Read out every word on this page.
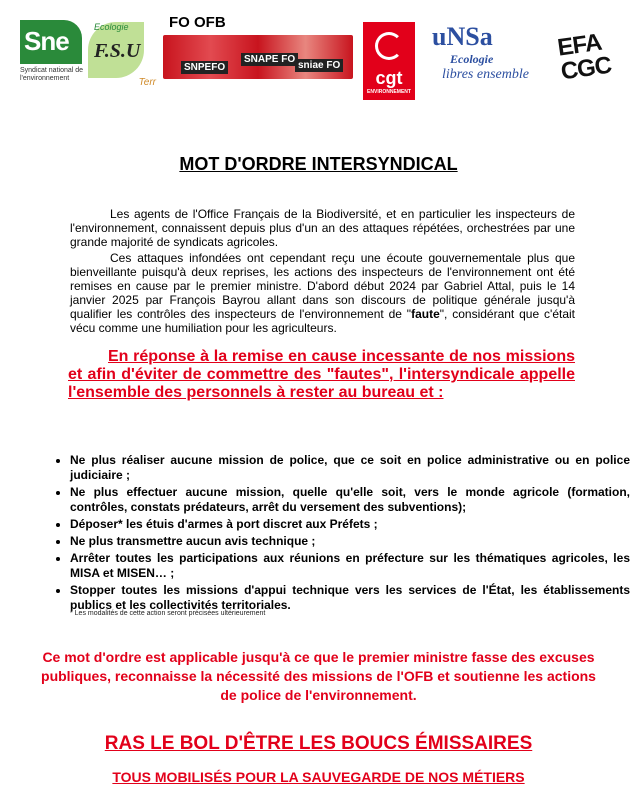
Sne
Syndicat national de l'environnement
Ecologie
F.S.U
Terr
FO OFB
SNPEFO
SNAPE FO
sniae FO
cgt
ENVIRONNEMENT
uNSa
Ecologie
libres ensemble
EFA
CGC
MOT D'ORDRE INTERSYNDICAL

Les agents de l'Office Français de la Biodiversité, et en particulier les inspecteurs de l'environnement, connaissent depuis plus d'un an des attaques répétées, orchestrées par une grande majorité de syndicats agricoles.

Ces attaques infondées ont cependant reçu une écoute gouvernementale plus que bienveillante puisqu'à deux reprises, les actions des inspecteurs de l'environnement ont été remises en cause par le premier ministre. D'abord début 2024 par Gabriel Attal, puis le 14 janvier 2025 par François Bayrou allant dans son discours de politique générale jusqu'à qualifier les contrôles des inspecteurs de l'environnement de "faute", considérant que c'était vécu comme une humiliation pour les agriculteurs.

En réponse à la remise en cause incessante de nos missions et afin d'éviter de commettre des "fautes", l'intersyndicale appelle l'ensemble des personnels à rester au bureau et :

• Ne plus réaliser aucune mission de police, que ce soit en police administrative ou en police judiciaire ;
• Ne plus effectuer aucune mission, quelle qu'elle soit, vers le monde agricole (formation, contrôles, constats prédateurs, arrêt du versement des subventions);
• Déposer* les étuis d'armes à port discret aux Préfets ;
• Ne plus transmettre aucun avis technique ;
• Arrêter toutes les participations aux réunions en préfecture sur les thématiques agricoles, les MISA et MISEN… ;
• Stopper toutes les missions d'appui technique vers les services de l'État, les établissements publics et les collectivités territoriales.

* Les modalités de cette action seront précisées ultérieurement

Ce mot d'ordre est applicable jusqu'à ce que le premier ministre fasse des excuses publiques, reconnaisse la nécessité des missions de l'OFB et soutienne les actions de police de l'environnement.

RAS LE BOL D'ÊTRE LES BOUCS ÉMISSAIRES

TOUS MOBILISÉS POUR LA SAUVEGARDE DE NOS MÉTIERS
